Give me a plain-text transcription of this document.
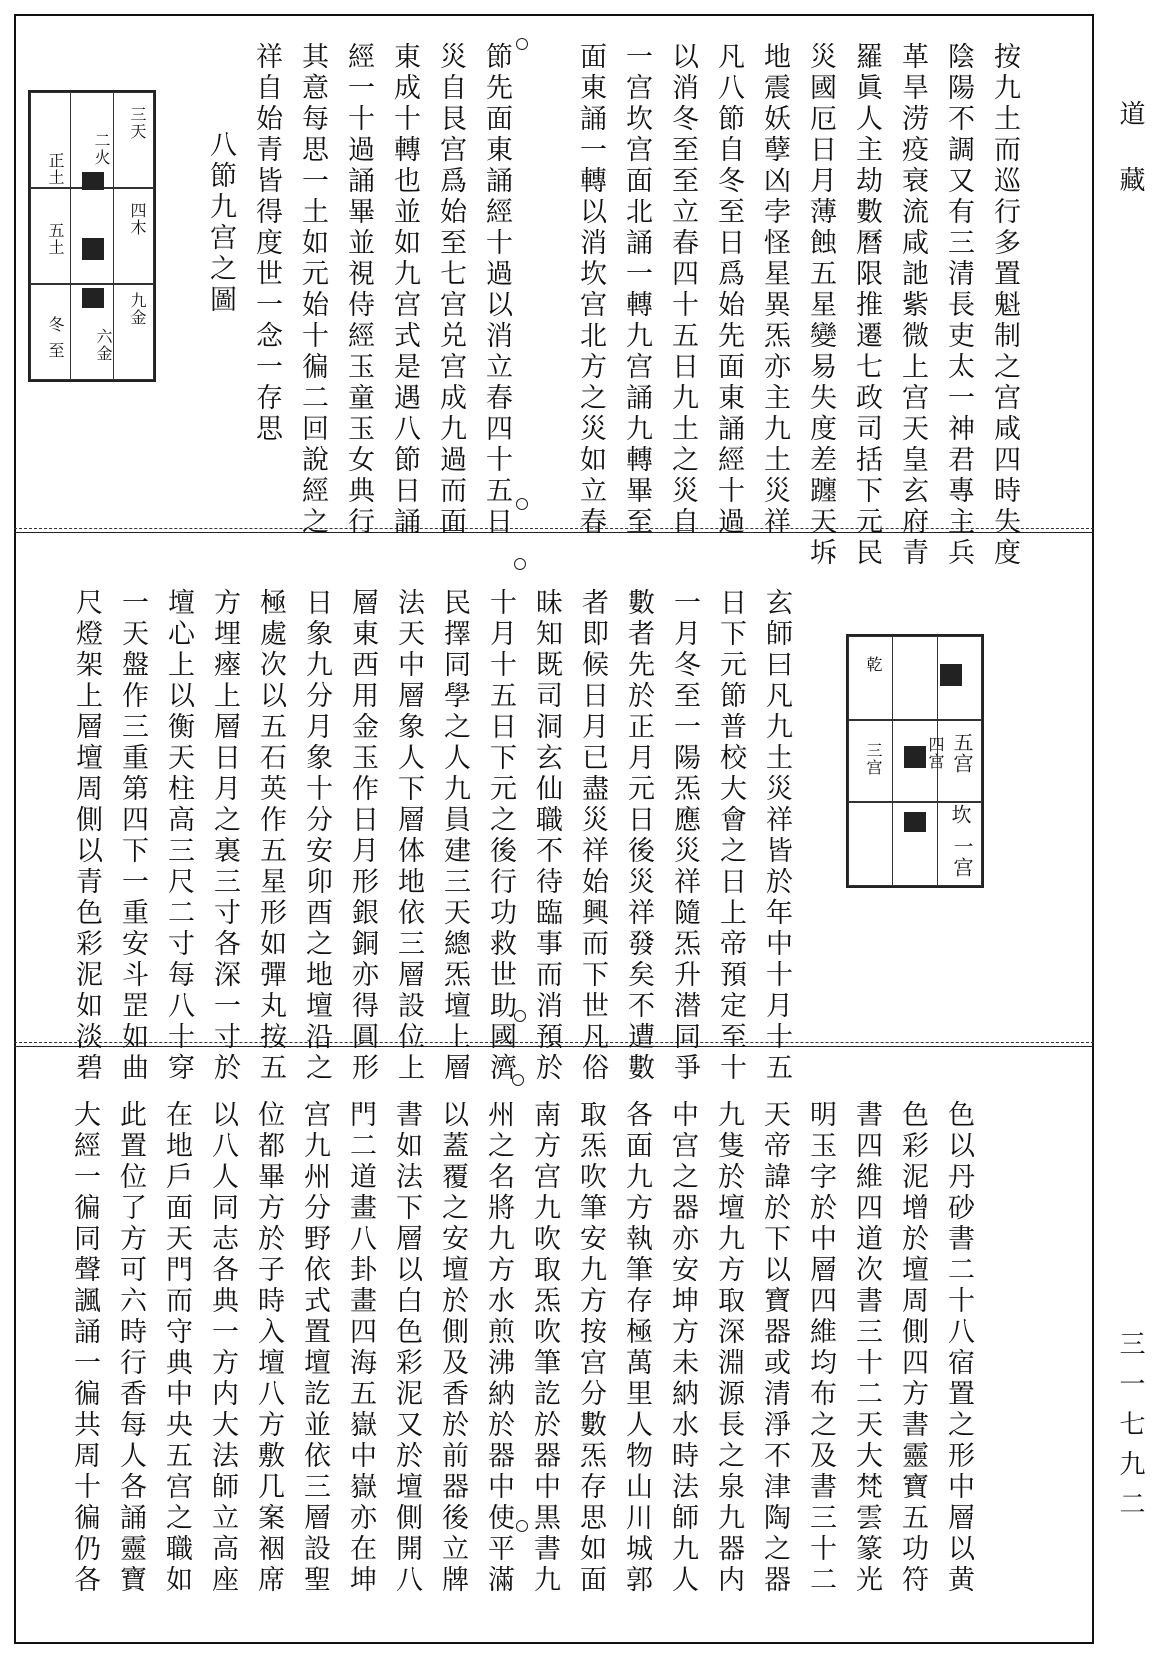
道藏
三一七九二
按九土而巡行多置魁制之宫咸四時失度
陰陽不調又有三清長吏太一神君專主兵
革旱涝疫衰流咸訑紫微上宫天皇玄府青
羅眞人主劫數曆限推遷七政司括下元民
災國厄日月薄蝕五星變易失度差躔天坼
地震妖孽凶孛怪星異炁亦主九土災祥
凡八節自冬至日爲始先面東誦經十過
以消冬至至立春四十五日九土之災自
一宫坎宫面北誦一轉九宫誦九轉畢至
面東誦一轉以消坎宫北方之災如立春
節先面東誦經十過以消立春四十五日
災自艮宫爲始至七宫兑宫成九過而面
東成十轉也並如九宫式是遇八節日誦
經一十過誦畢並視侍經玉童玉女典行
其意每思一土如元始十徧二回說經之
祥自始青皆得度世一念一存思
八節九宫之圖
三天
二火
正土
四木
五土
九金
冬
至 六金
玄師曰凡九土災祥皆於年中十月十五
日下元節普校大會之日上帝預定至十
一月冬至一陽炁應災祥隨炁升潜同爭
數者先於正月元日後災祥發矣不遭數
者即候日月已盡災祥始興而下世凡俗
昧知既司洞玄仙職不待臨事而消預於
十月十五日下元之後行功救世助國濟
民擇同學之人九員建三天總炁壇上層
法天中層象人下層体地依三層設位上
層東西用金玉作日月形銀銅亦得圓形
日象九分月象十分安卯酉之地壇沿之
極處次以五石英作五星形如彈丸按五
方埋瘞上層日月之裏三寸各深一寸於
壇心上以衡天柱高三尺二寸每八十穿
一天盤作三重第四下一重安斗罡如曲
尺燈架上層壇周側以青色彩泥如淡碧	五宫
四宫
坎
一宫
三宫
乾
色以丹砂書二十八宿置之形中層以黄
色彩泥增於壇周側四方書靈寶五功符
書四維四道次書三十二天大梵雲篆光
明玉字於中層四維均布之及書三十二
天帝諱於下以寶器或清淨不津陶之器
九隻於壇九方取深淵源長之泉九器内
中宫之器亦安坤方未納水時法師九人
各面九方執筆存極萬里人物山川城郭
取炁吹筆安九方按宫分數炁存思如面
南方宫九吹取炁吹筆訖於器中黒書九
州之名將九方水煎沸納於器中使平滿
以蓋覆之安壇於側及香於前器後立牌
書如法下層以白色彩泥又於壇側開八
門二道畫八卦畫四海五嶽中嶽亦在坤
宫九州分野依式置壇訖並依三層設聖
位都畢方於子時入壇八方敷几案裀席
以八人同志各典一方内大法師立高座
在地戶面天門而守典中央五宫之職如
此置位了方可六時行香每人各誦靈寶
大經一徧同聲諷誦一徧共周十徧仍各
